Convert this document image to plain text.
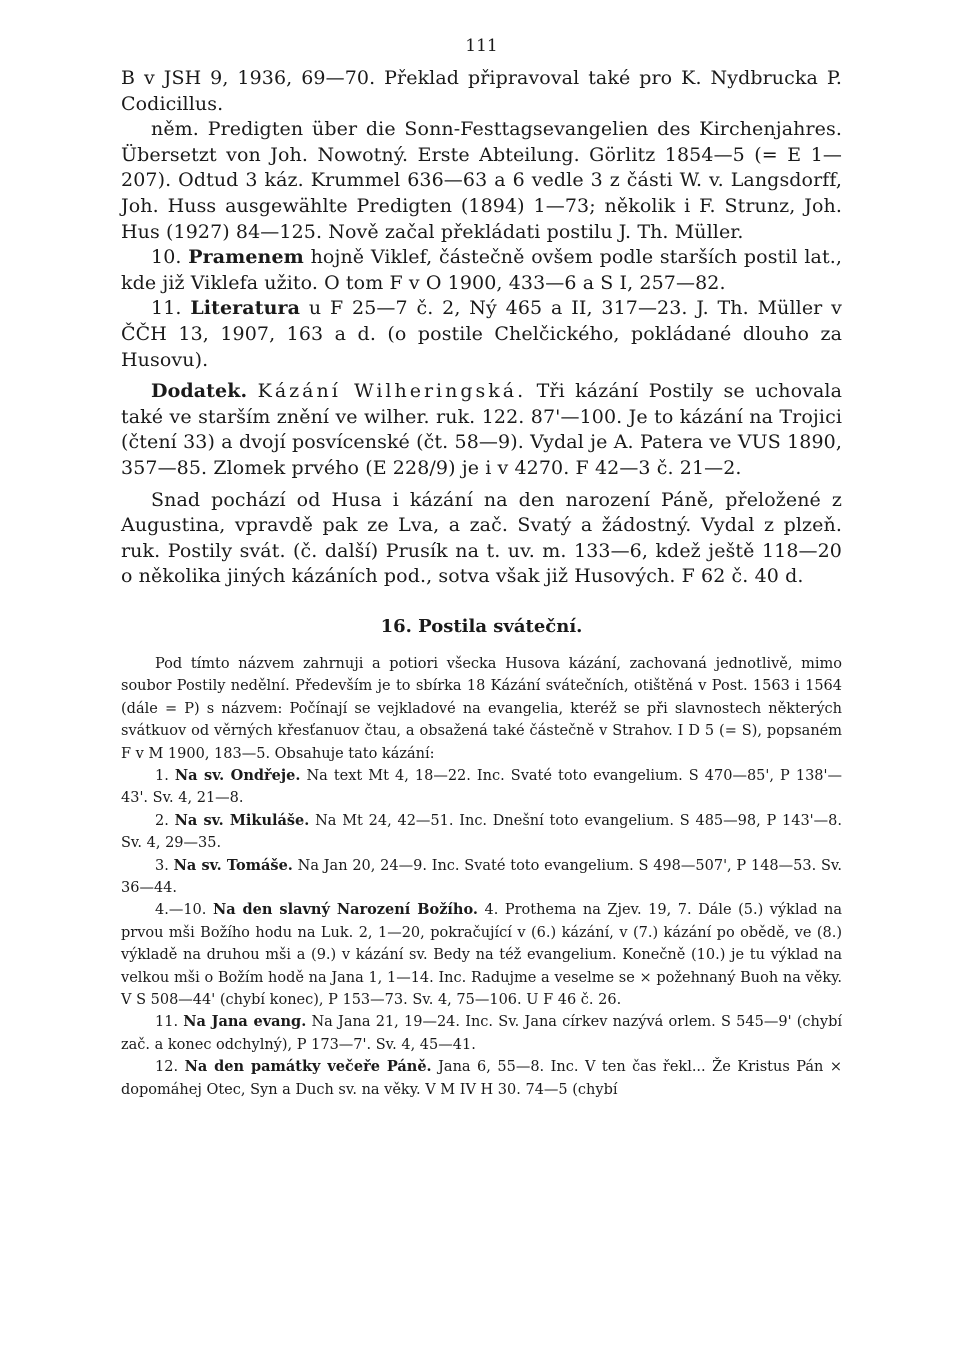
111

B v JSH 9, 1936, 69—70. Překlad připravoval také pro K. Nydbrucka P. Codicillus.

něm. Predigten über die Sonn-Festtagsevangelien des Kirchenjahres. Übersetzt von Joh. Nowotný. Erste Abteilung. Görlitz 1854—5 (= E 1—207). Odtud 3 káz. Krummel 636—63 a 6 vedle 3 z části W. v. Langsdorff, Joh. Huss ausgewählte Predigten (1894) 1—73; několik i F. Strunz, Joh. Hus (1927) 84—125. Nově začal překládati postilu J. Th. Müller.

10. Pramenem hojně Viklef, částečně ovšem podle starších postil lat., kde již Viklefa užito. O tom F v O 1900, 433—6 a S I, 257—82.

11. Literatura u F 25—7 č. 2, Ný 465 a II, 317—23. J. Th. Müller v ČČH 13, 1907, 163 a d. (o postile Chelčického, pokládané dlouho za Husovu).

Dodatek. Kázání Wilheringská. Tři kázání Postily se uchovala také ve starším znění ve wilher. ruk. 122. 87'—100. Je to kázání na Trojici (čtení 33) a dvojí posvícenské (čt. 58—9). Vydal je A. Patera ve VUS 1890, 357—85. Zlomek prvého (E 228/9) je i v 4270. F 42—3 č. 21—2.

Snad pochází od Husa i kázání na den narození Páně, přeložené z Augustina, vpravdě pak ze Lva, a zač. Svatý a žádostný. Vydal z plzeň. ruk. Postily svát. (č. další) Prusík na t. uv. m. 133—6, kdež ještě 118—20 o několika jiných kázáních pod., sotva však již Husových. F 62 č. 40 d.

16. Postila sváteční.

Pod tímto názvem zahrnuji a potiori všecka Husova kázání, zachovaná jednotlivě, mimo soubor Postily nedělní. Především je to sbírka 18 Kázání svátečních, otištěná v Post. 1563 i 1564 (dále = P) s názvem: Počínají se vejkladové na evangelia, kteréž se při slavnostech některých svátkuov od věrných křesťanuov čtau, a obsažená také částečně v Strahov. I D 5 (= S), popsaném F v M 1900, 183—5. Obsahuje tato kázání:

1. Na sv. Ondřeje. Na text Mt 4, 18—22. Inc. Svaté toto evangelium. S 470—85', P 138'—43'. Sv. 4, 21—8.

2. Na sv. Mikuláše. Na Mt 24, 42—51. Inc. Dnešní toto evangelium. S 485—98, P 143'—8. Sv. 4, 29—35.

3. Na sv. Tomáše. Na Jan 20, 24—9. Inc. Svaté toto evangelium. S 498—507', P 148—53. Sv. 36—44.

4.—10. Na den slavný Narození Božího. 4. Prothema na Zjev. 19, 7. Dále (5.) výklad na prvou mši Božího hodu na Luk. 2, 1—20, pokračující v (6.) kázání, v (7.) kázání po obědě, ve (8.) výkladě na druhou mši a (9.) v kázání sv. Bedy na též evangelium. Konečně (10.) je tu výklad na velkou mši o Božím hodě na Jana 1, 1—14. Inc. Radujme a veselme se ⨯ požehnaný Buoh na věky. V S 508—44' (chybí konec), P 153—73. Sv. 4, 75—106. U F 46 č. 26.

11. Na Jana evang. Na Jana 21, 19—24. Inc. Sv. Jana církev nazývá orlem. S 545—9' (chybí zač. a konec odchylný), P 173—7'. Sv. 4, 45—41.

12. Na den památky večeře Páně. Jana 6, 55—8. Inc. V ten čas řekl... Že Kristus Pán ⨯ dopomáhej Otec, Syn a Duch sv. na věky. V M IV H 30. 74—5 (chybí
